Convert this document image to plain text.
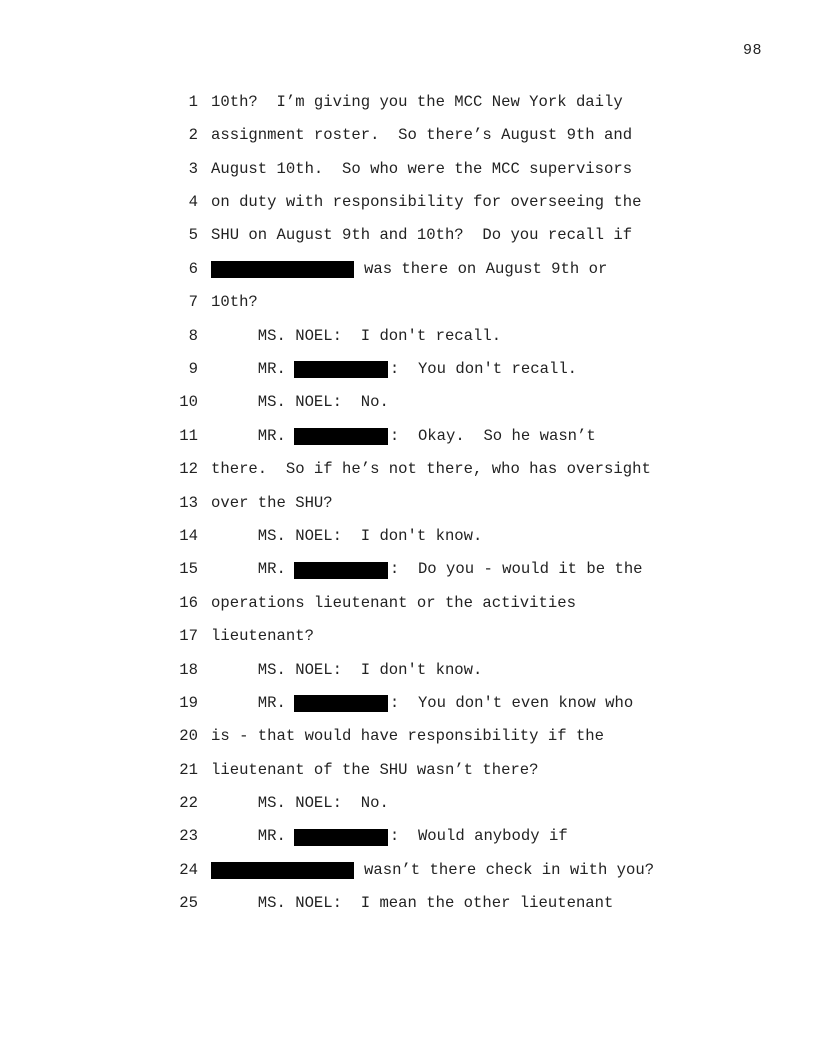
98
1 10th?  I’m giving you the MCC New York daily
2 assignment roster.  So there’s August 9th and
3 August 10th.  So who were the MCC supervisors
4 on duty with responsibility for overseeing the
5 SHU on August 9th and 10th?  Do you recall if
6	was there on August 9th or
7 10th?
8 MS. NOEL:  I don't recall.
9 MR.	:  You don't recall.
10 MS. NOEL:  No.
11 MR.	:  Okay.  So he wasn’t
12 there.  So if he’s not there, who has oversight
13 over the SHU?
14 MS. NOEL:  I don't know.
15 MR.	:  Do you - would it be the
16 operations lieutenant or the activities
17 lieutenant?
18 MS. NOEL:  I don't know.
19 MR.	:  You don't even know who
20 is - that would have responsibility if the
21 lieutenant of the SHU wasn’t there?
22 MS. NOEL:  No.
23 MR.	:  Would anybody if
24	wasn’t there check in with you?
25 MS. NOEL:  I mean the other lieutenant
